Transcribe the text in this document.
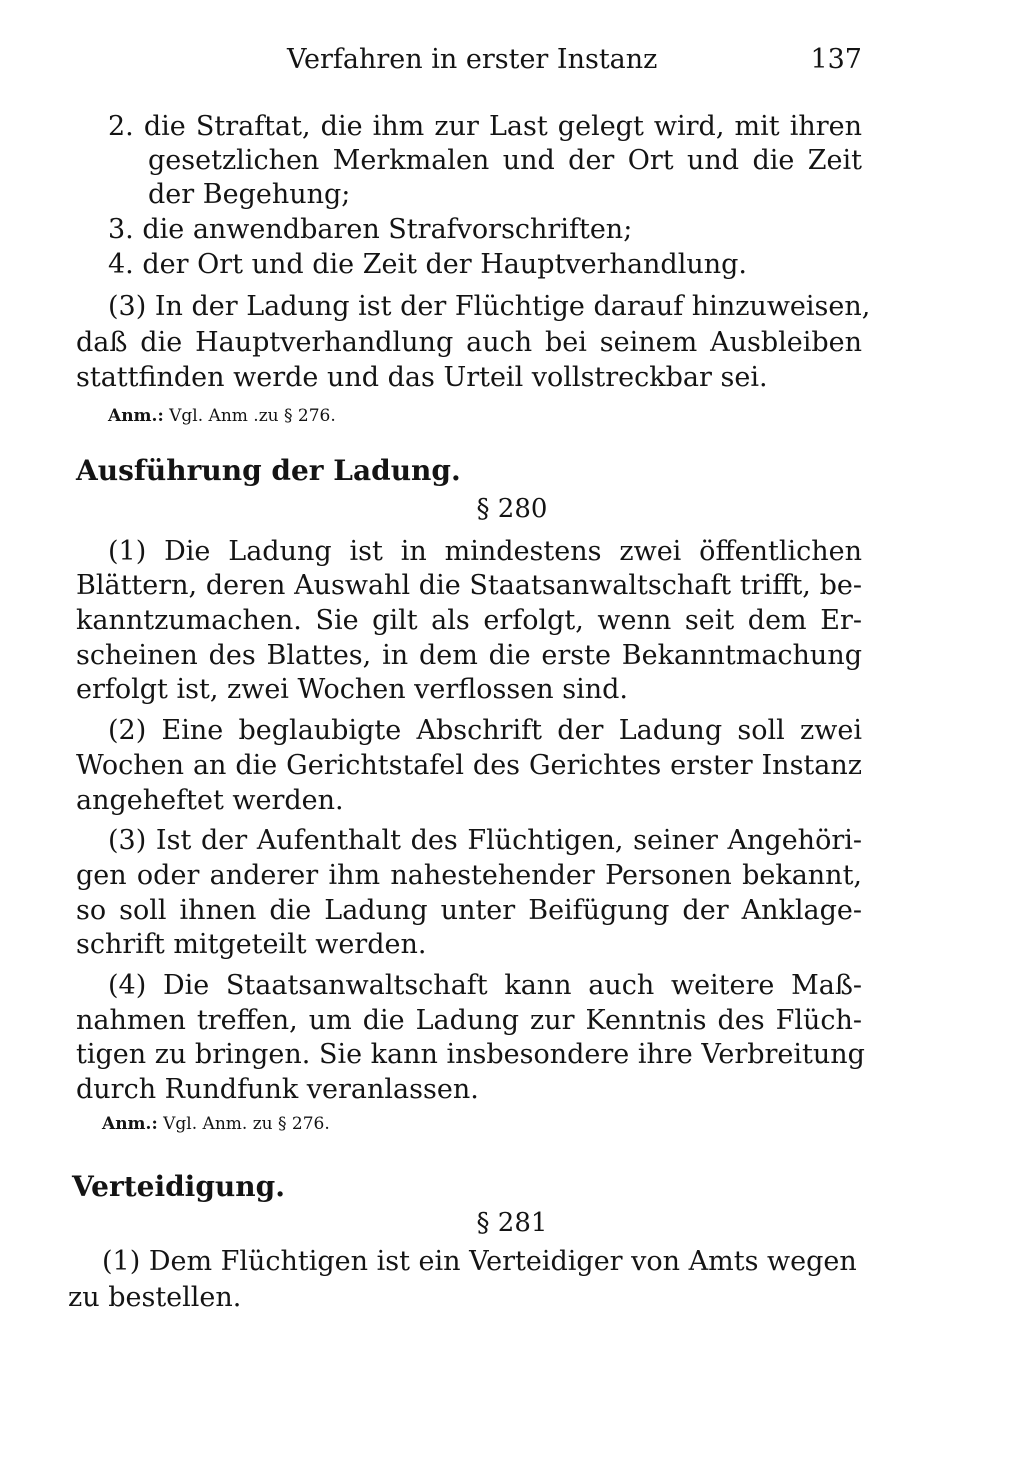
Verfahren in erster Instanz	137
2. die Straftat, die ihm zur Last gelegt wird, mit ihren
gesetzlichen Merkmalen und der Ort und die Zeit
der Begehung;
3. die anwendbaren Strafvorschriften;
4. der Ort und die Zeit der Hauptverhandlung.
(3) In der Ladung ist der Flüchtige darauf hinzuweisen,
daß die Hauptverhandlung auch bei seinem Ausbleiben
stattfinden werde und das Urteil vollstreckbar sei.
Anm.: Vgl. Anm .zu § 276.
Ausführung der Ladung.
§ 280
(1) Die Ladung ist in mindestens zwei öffentlichen
Blättern, deren Auswahl die Staatsanwaltschaft trifft, be-
kanntzumachen. Sie gilt als erfolgt, wenn seit dem Er-
scheinen des Blattes, in dem die erste Bekanntmachung
erfolgt ist, zwei Wochen verflossen sind.
(2) Eine beglaubigte Abschrift der Ladung soll zwei
Wochen an die Gerichtstafel des Gerichtes erster Instanz
angeheftet werden.
(3) Ist der Aufenthalt des Flüchtigen, seiner Angehöri-
gen oder anderer ihm nahestehender Personen bekannt,
so soll ihnen die Ladung unter Beifügung der Anklage-
schrift mitgeteilt werden.
(4) Die Staatsanwaltschaft kann auch weitere Maß-
nahmen treffen, um die Ladung zur Kenntnis des Flüch-
tigen zu bringen. Sie kann insbesondere ihre Verbreitung
durch Rundfunk veranlassen.
Anm.: Vgl. Anm. zu § 276.
Verteidigung.
§ 281
(1) Dem Flüchtigen ist ein Verteidiger von Amts wegen
zu bestellen.
